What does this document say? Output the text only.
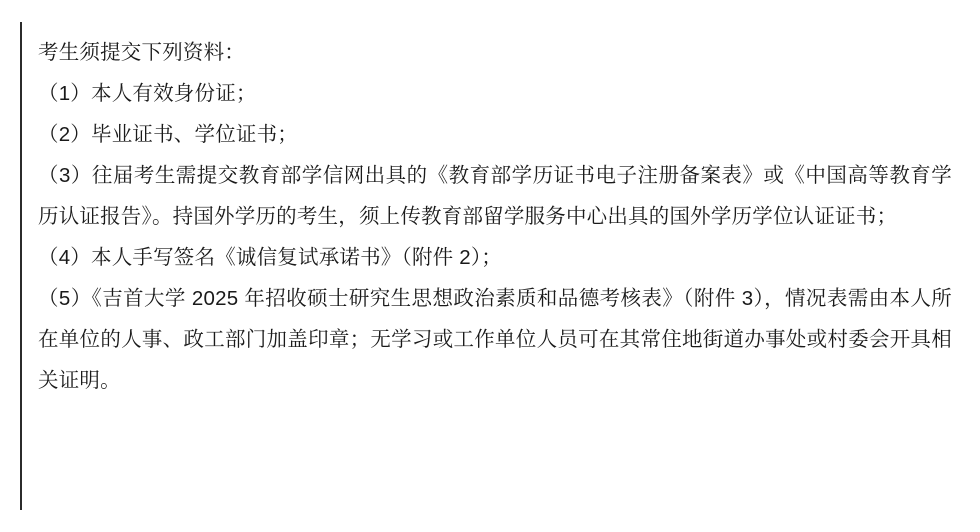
考生须提交下列资料：

（1）本人有效身份证；

（2）毕业证书、学位证书；

（3）往届考生需提交教育部学信网出具的《教育部学历证书电子注册备案表》或《中国高等教育学历认证报告》。持国外学历的考生，须上传教育部留学服务中心出具的国外学历学位认证证书；

（4）本人手写签名《诚信复试承诺书》（附件 2）；

（5）《吉首大学 2025 年招收硕士研究生思想政治素质和品德考核表》（附件 3），情况表需由本人所在单位的人事、政工部门加盖印章；无学习或工作单位人员可在其常住地街道办事处或村委会开具相关证明。
